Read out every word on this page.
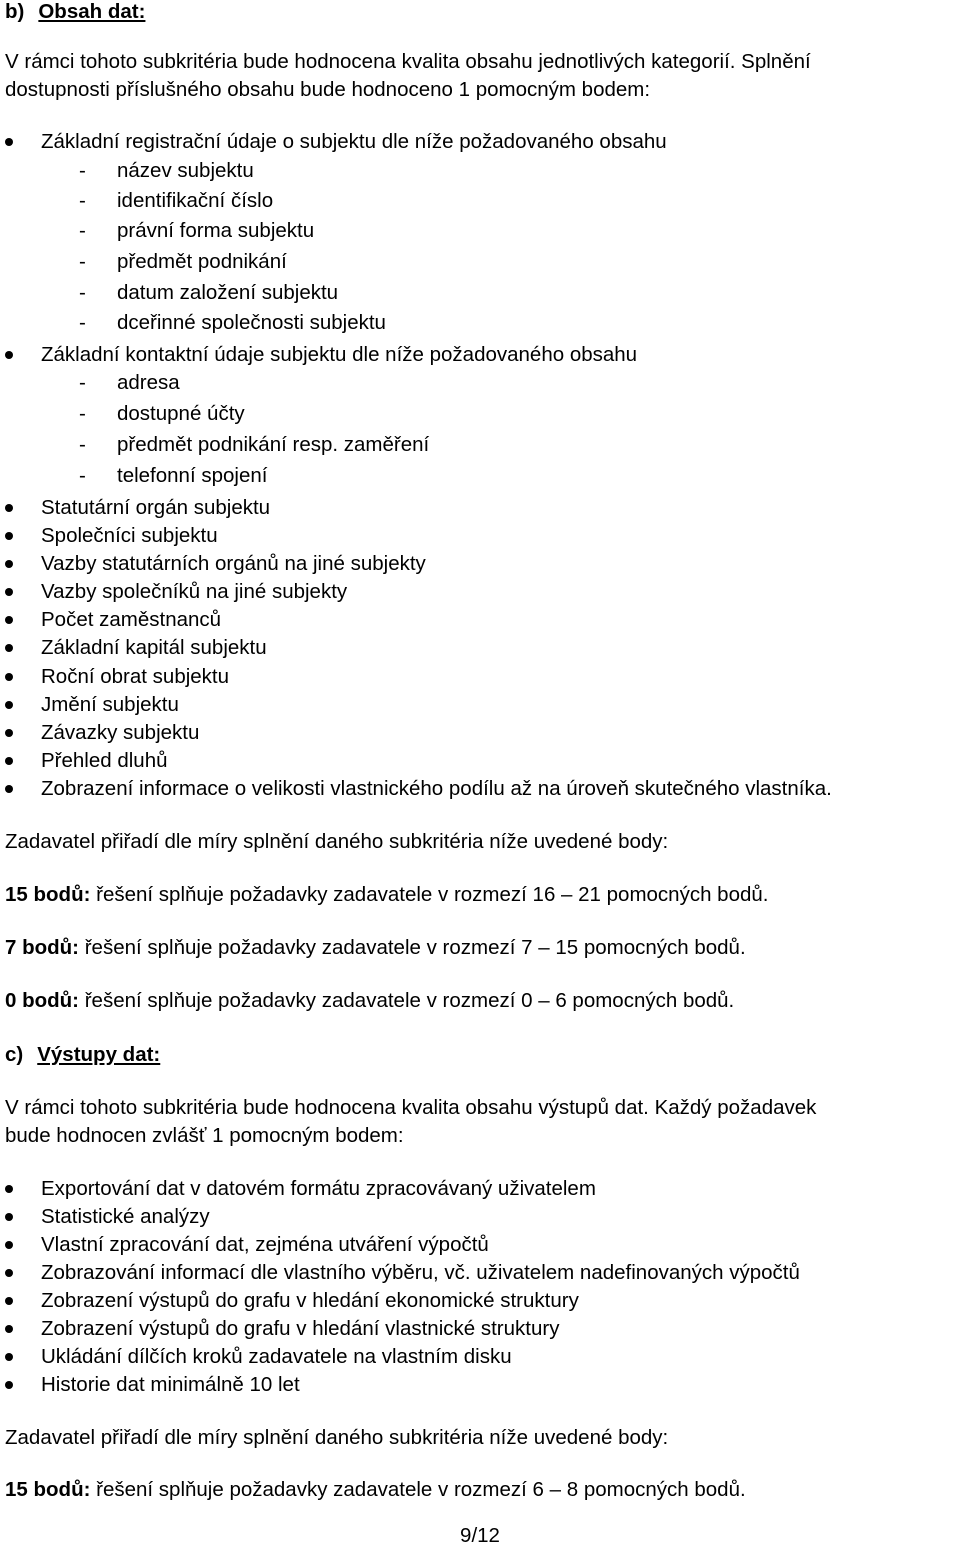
b) Obsah dat:
V rámci tohoto subkritéria bude hodnocena kvalita obsahu jednotlivých kategorií. Splnění
dostupnosti příslušného obsahu bude hodnoceno 1 pomocným bodem:
Základní registrační údaje o subjektu dle níže požadovaného obsahu
- název subjektu
- identifikační číslo
- právní forma subjektu
- předmět podnikání
- datum založení subjektu
- dceřinné společnosti subjektu
Základní kontaktní údaje subjektu dle níže požadovaného obsahu
- adresa
- dostupné účty
- předmět podnikání resp. zaměření
- telefonní spojení
Statutární orgán subjektu
Společníci subjektu
Vazby statutárních orgánů na jiné subjekty
Vazby společníků na jiné subjekty
Počet zaměstnanců
Základní kapitál subjektu
Roční obrat subjektu
Jmění subjektu
Závazky subjektu
Přehled dluhů
Zobrazení informace o velikosti vlastnického podílu až na úroveň skutečného vlastníka.
Zadavatel přiřadí dle míry splnění daného subkritéria níže uvedené body:
15 bodů: řešení splňuje požadavky zadavatele v rozmezí 16 – 21 pomocných bodů.
7 bodů: řešení splňuje požadavky zadavatele v rozmezí 7 – 15 pomocných bodů.
0 bodů: řešení splňuje požadavky zadavatele v rozmezí 0 – 6 pomocných bodů.
c) Výstupy dat:
V rámci tohoto subkritéria bude hodnocena kvalita obsahu výstupů dat. Každý požadavek
bude hodnocen zvlášť 1 pomocným bodem:
Exportování dat v datovém formátu zpracovávaný uživatelem
Statistické analýzy
Vlastní zpracování dat, zejména utváření výpočtů
Zobrazování informací dle vlastního výběru, vč. uživatelem nadefinovaných výpočtů
Zobrazení výstupů do grafu v hledání ekonomické struktury
Zobrazení výstupů do grafu v hledání vlastnické struktury
Ukládání dílčích kroků zadavatele na vlastním disku
Historie dat minimálně 10 let
Zadavatel přiřadí dle míry splnění daného subkritéria níže uvedené body:
15 bodů: řešení splňuje požadavky zadavatele v rozmezí 6 – 8 pomocných bodů.
9/12
